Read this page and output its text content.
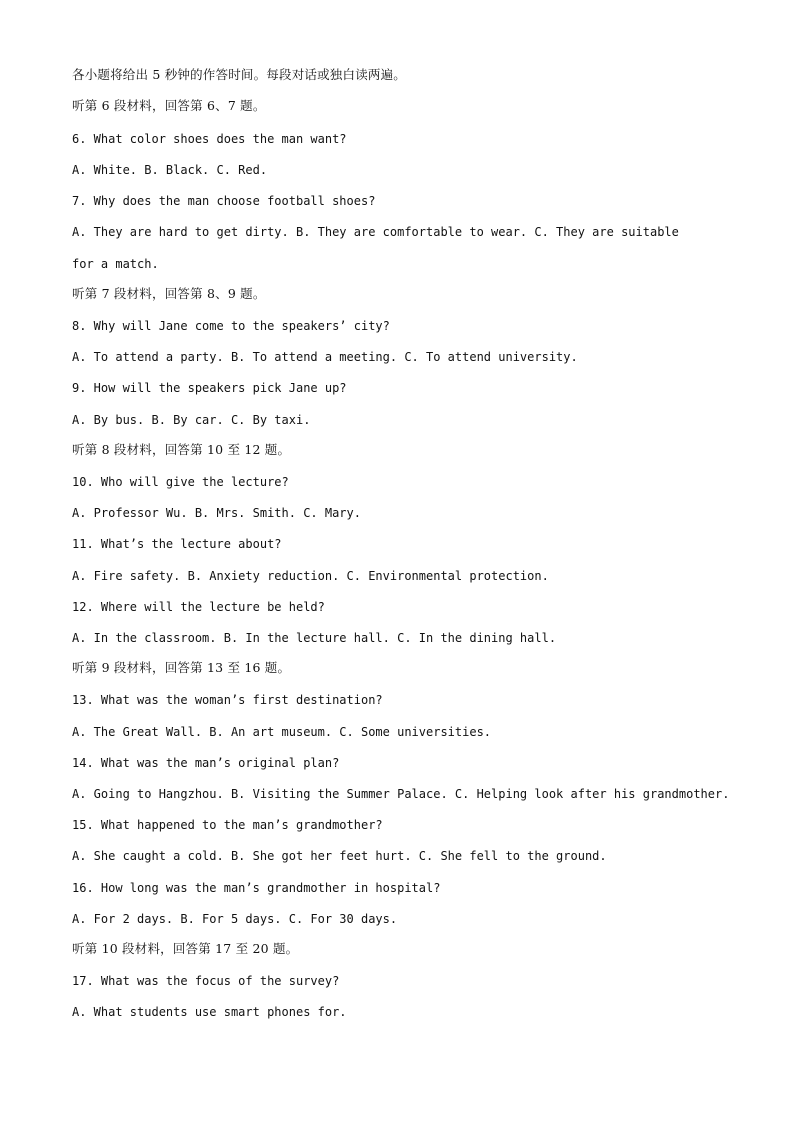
各小题将给出 5 秒钟的作答时间。每段对话或独白读两遍。
听第 6 段材料，回答第 6、7 题。
6. What color shoes does the man want?
A. White. B. Black. C. Red.
7. Why does the man choose football shoes?
A. They are hard to get dirty. B. They are comfortable to wear. C. They are suitable for a match.
听第 7 段材料，回答第 8、9 题。
8. Why will Jane come to the speakers’ city?
A. To attend a party. B. To attend a meeting. C. To attend university.
9. How will the speakers pick Jane up?
A. By bus. B. By car. C. By taxi.
听第 8 段材料，回答第 10 至 12 题。
10. Who will give the lecture?
A. Professor Wu. B. Mrs. Smith. C. Mary.
11. What’s the lecture about?
A. Fire safety. B. Anxiety reduction. C. Environmental protection.
12. Where will the lecture be held?
A. In the classroom. B. In the lecture hall. C. In the dining hall.
听第 9 段材料，回答第 13 至 16 题。
13. What was the woman’s first destination?
A. The Great Wall. B. An art museum. C. Some universities.
14. What was the man’s original plan?
A. Going to Hangzhou. B. Visiting the Summer Palace. C. Helping look after his grandmother.
15. What happened to the man’s grandmother?
A. She caught a cold. B. She got her feet hurt. C. She fell to the ground.
16. How long was the man’s grandmother in hospital?
A. For 2 days. B. For 5 days. C. For 30 days.
听第 10 段材料，回答第 17 至 20 题。
17. What was the focus of the survey?
A. What students use smart phones for.
